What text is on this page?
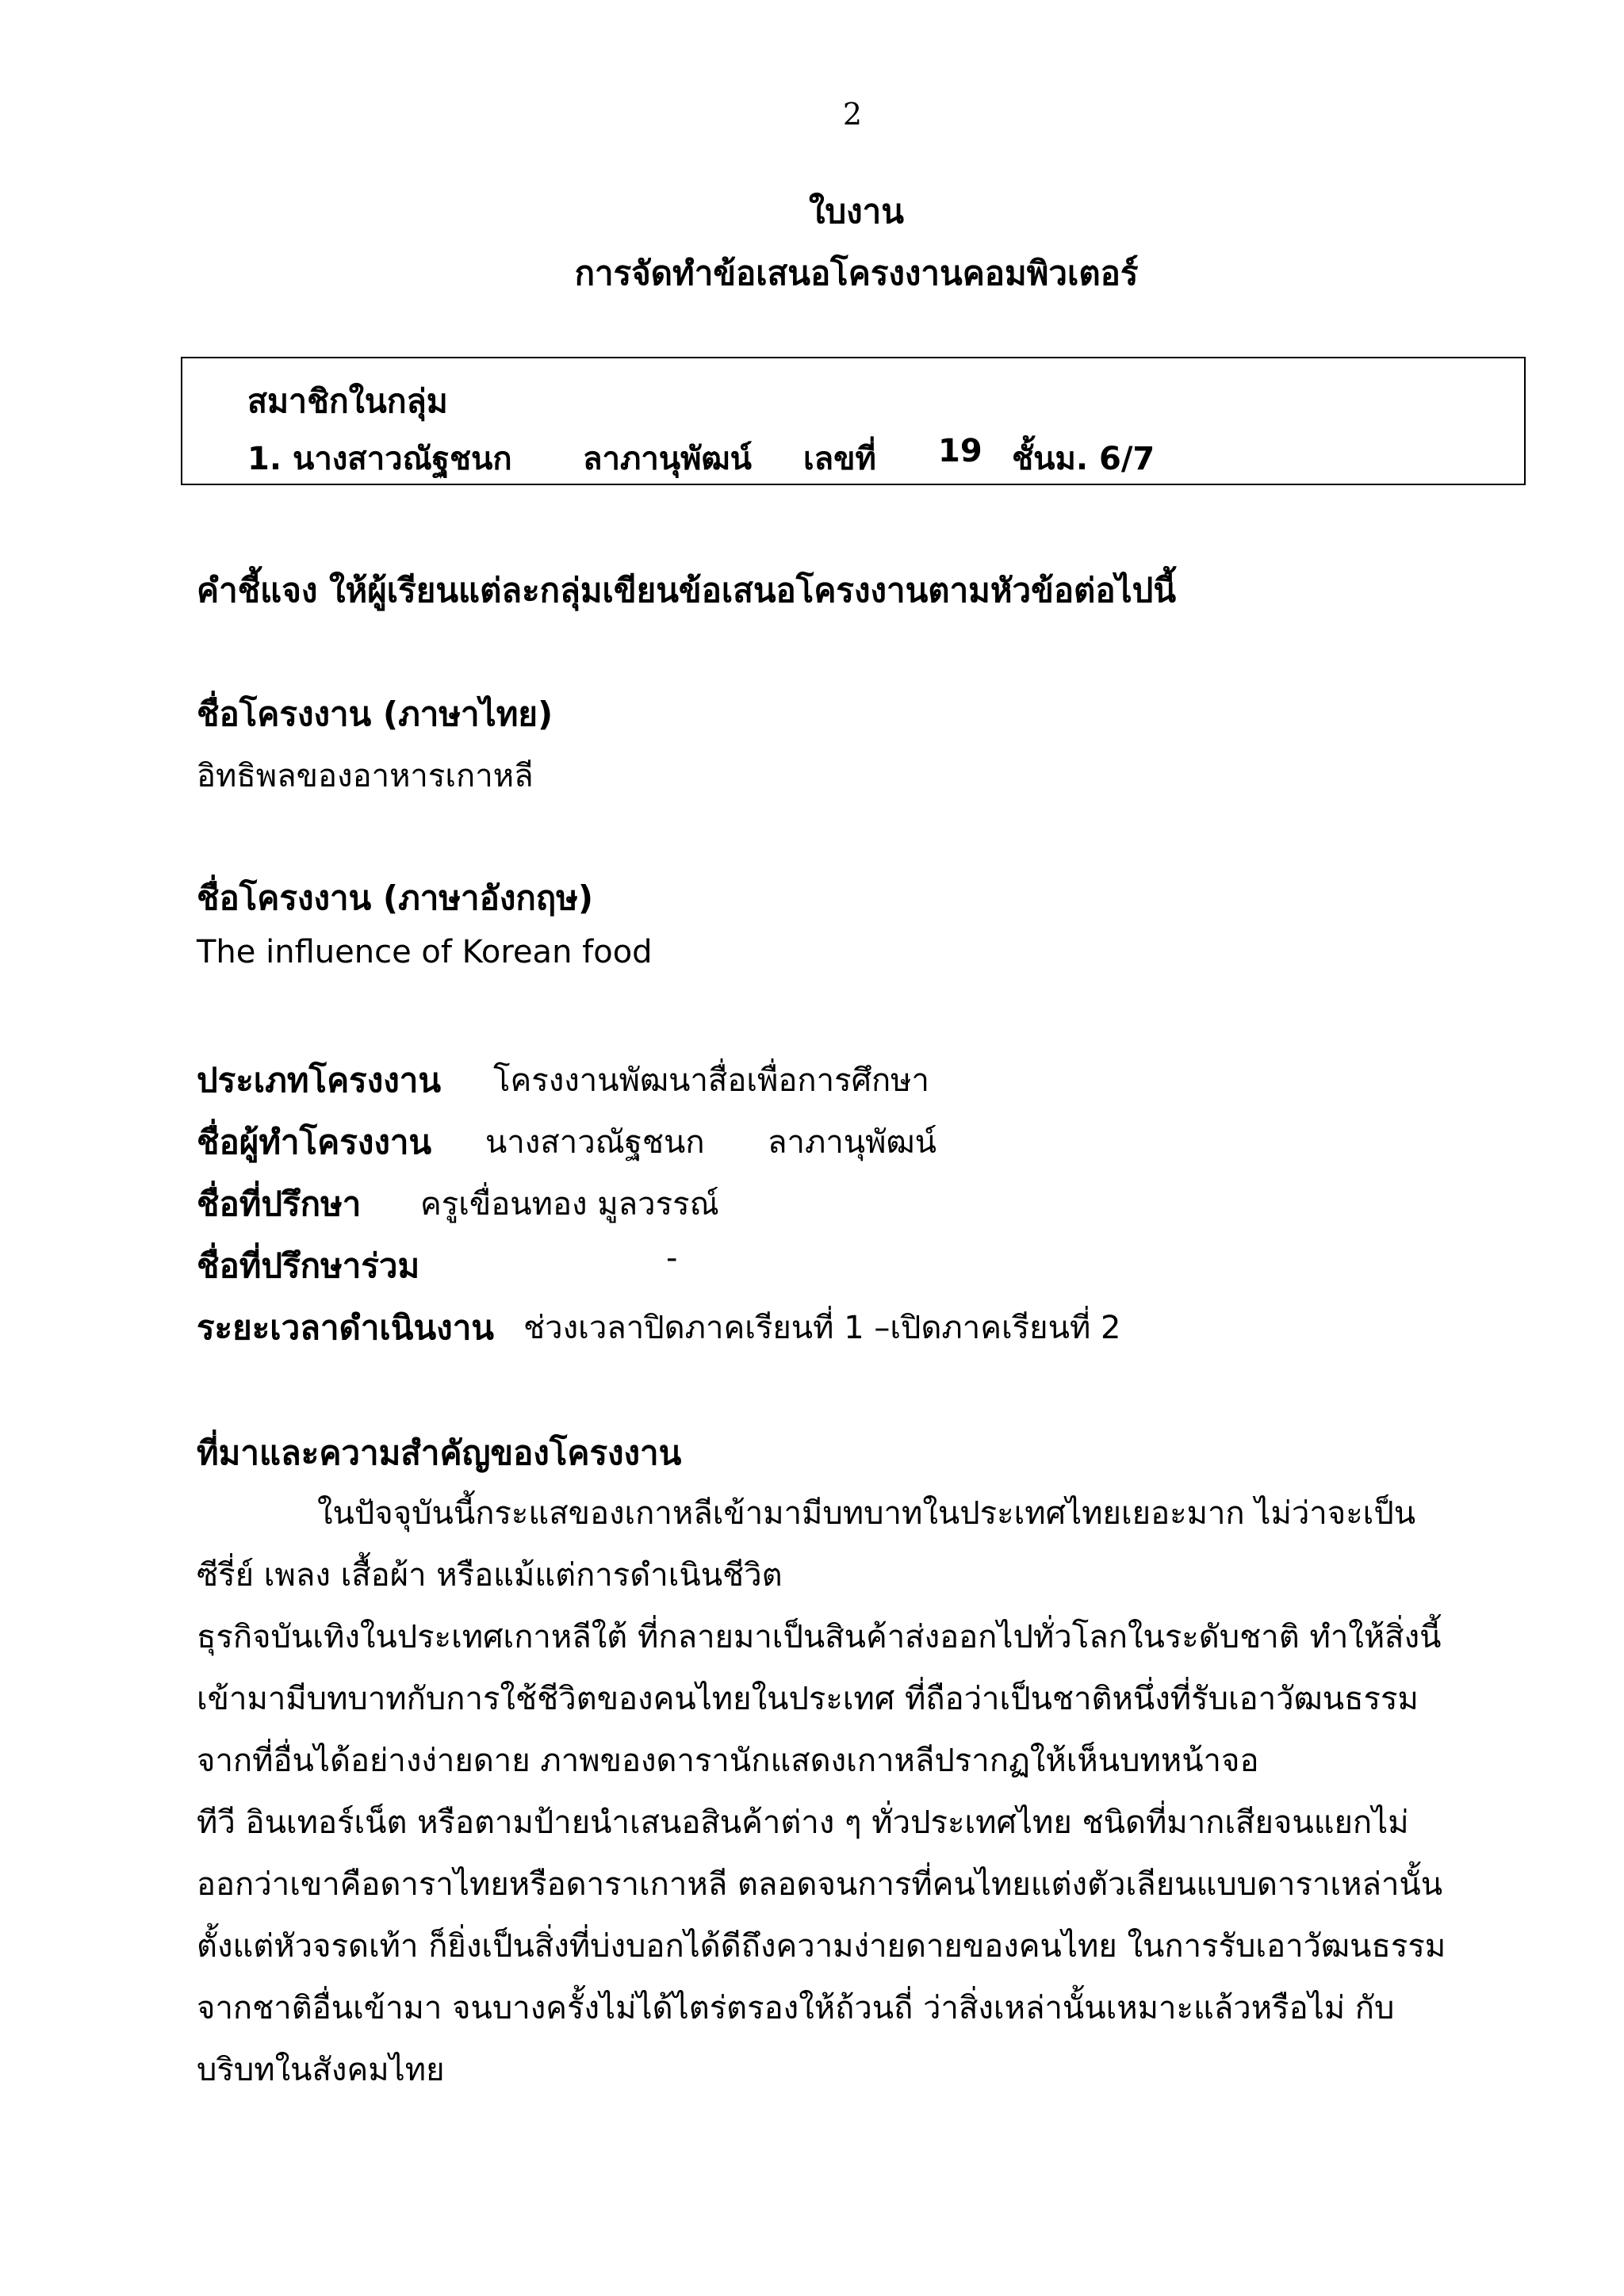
2
ใบงาน
การจัดทำข้อเสนอโครงงานคอมพิวเตอร์
สมาชิกในกลุ่ม
1. นางสาวณัฐชนก ลาภานุพัฒน์ เลขที่ 19 ชั้นม. 6/7
คำชี้แจง ให้ผู้เรียนแต่ละกลุ่มเขียนข้อเสนอโครงงานตามหัวข้อต่อไปนี้
ชื่อโครงงาน (ภาษาไทย)
อิทธิพลของอาหารเกาหลี
ชื่อโครงงาน (ภาษาอังกฤษ)
The influence of Korean food
ประเภทโครงงาน โครงงานพัฒนาสื่อเพื่อการศึกษา
ชื่อผู้ทำโครงงาน นางสาวณัฐชนก ลาภานุพัฒน์
ชื่อที่ปรึกษา ครูเขื่อนทอง มูลวรรณ์
ชื่อที่ปรึกษาร่วม	-
ระยะเวลาดำเนินงาน ช่วงเวลาปิดภาคเรียนที่ 1 –เปิดภาคเรียนที่ 2
ที่มาและความสำคัญของโครงงาน
ในปัจจุบันนี้กระแสของเกาหลีเข้ามามีบทบาทในประเทศไทยเยอะมาก ไม่ว่าจะเป็น
ซีรี่ย์ เพลง เสื้อผ้า หรือแม้แต่การดำเนินชีวิต
ธุรกิจบันเทิงในประเทศเกาหลีใต้ ที่กลายมาเป็นสินค้าส่งออกไปทั่วโลกในระดับชาติ ทำให้สิ่งนี้
เข้ามามีบทบาทกับการใช้ชีวิตของคนไทยในประเทศ ที่ถือว่าเป็นชาติหนึ่งที่รับเอาวัฒนธรรม
จากที่อื่นได้อย่างง่ายดาย ภาพของดารานักแสดงเกาหลีปรากฏให้เห็นบทหน้าจอ
ทีวี อินเทอร์เน็ต หรือตามป้ายนำเสนอสินค้าต่าง ๆ ทั่วประเทศไทย ชนิดที่มากเสียจนแยกไม่
ออกว่าเขาคือดาราไทยหรือดาราเกาหลี ตลอดจนการที่คนไทยแต่งตัวเลียนแบบดาราเหล่านั้น
ตั้งแต่หัวจรดเท้า ก็ยิ่งเป็นสิ่งที่บ่งบอกได้ดีถึงความง่ายดายของคนไทย ในการรับเอาวัฒนธรรม
จากชาติอื่นเข้ามา จนบางครั้งไม่ได้ไตร่ตรองให้ถ้วนถี่ ว่าสิ่งเหล่านั้นเหมาะแล้วหรือไม่ กับ
บริบทในสังคมไทย
